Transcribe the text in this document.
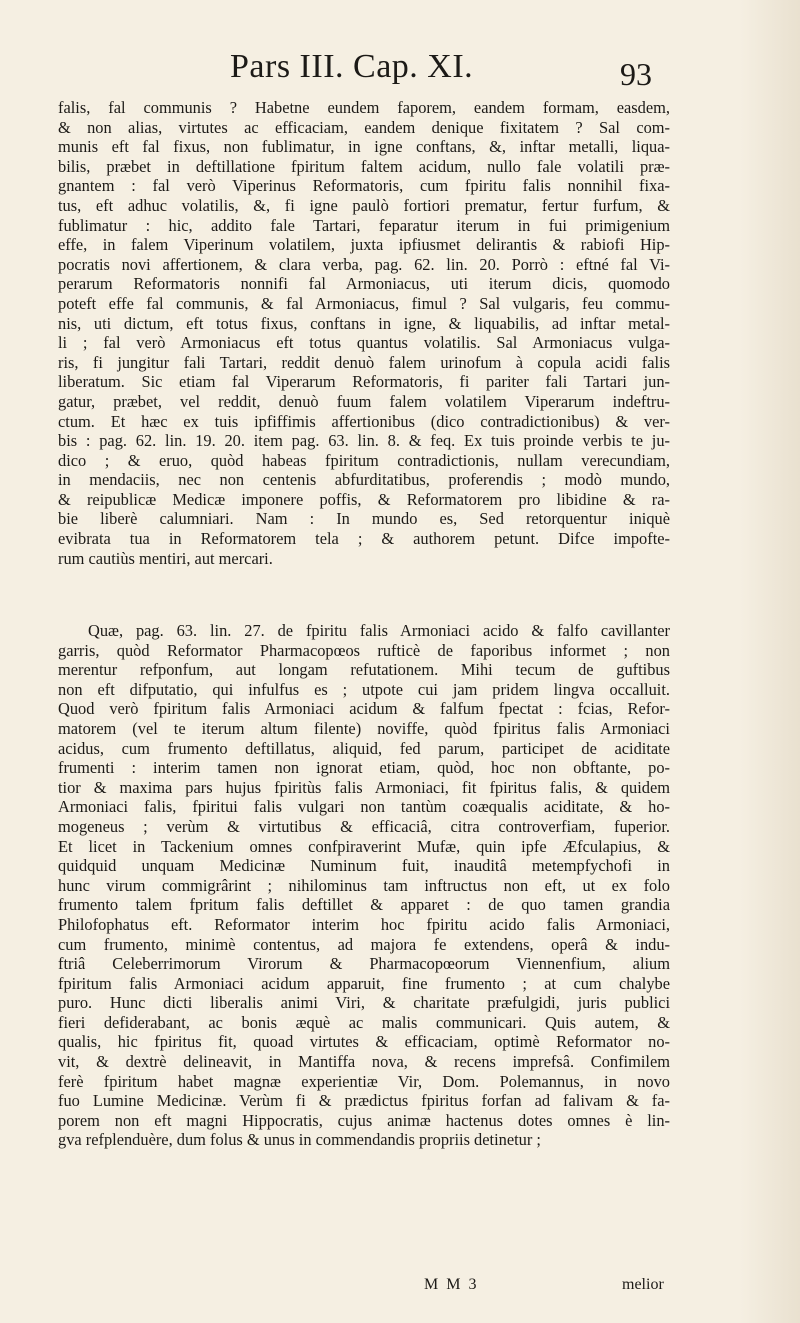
Pars III. Cap. XI.	93
falis, fal communis ? Habetne eundem faporem, eandem formam, easdem,
& non alias, virtutes ac efficaciam, eandem denique fixitatem ? Sal com-
munis eft fal fixus, non fublimatur, in igne conftans, &, inftar metalli, liqua-
bilis, præbet in deftillatione fpiritum faltem acidum, nullo fale volatili præ-
gnantem : fal verò Viperinus Reformatoris, cum fpiritu falis nonnihil fixa-
tus, eft adhuc volatilis, &, fi igne paulò fortiori prematur, fertur furfum, &
fublimatur : hic, addito fale Tartari, feparatur iterum in fui primigenium
effe, in falem Viperinum volatilem, juxta ipfiusmet delirantis & rabiofi Hip-
pocratis novi affertionem, & clara verba, pag. 62. lin. 20. Porrò : eftné fal Vi-
perarum Reformatoris nonnifi fal Armoniacus, uti iterum dicis, quomodo
poteft effe fal communis, & fal Armoniacus, fimul ? Sal vulgaris, feu commu-
nis, uti dictum, eft totus fixus, conftans in igne, & liquabilis, ad inftar metal-
li ; fal verò Armoniacus eft totus quantus volatilis. Sal Armoniacus vulga-
ris, fi jungitur fali Tartari, reddit denuò falem urinofum à copula acidi falis
liberatum. Sic etiam fal Viperarum Reformatoris, fi pariter fali Tartari jun-
gatur, præbet, vel reddit, denuò fuum falem volatilem Viperarum indeftru-
ctum. Et hæc ex tuis ipfiffimis affertionibus (dico contradictionibus) & ver-
bis : pag. 62. lin. 19. 20. item pag. 63. lin. 8. & feq. Ex tuis proinde verbis te ju-
dico ; & eruo, quòd habeas fpiritum contradictionis, nullam verecundiam,
in mendaciis, nec non centenis abfurditatibus, proferendis ; modò mundo,
& reipublicæ Medicæ imponere poffis, & Reformatorem pro libidine & ra-
bie liberè calumniari. Nam : In mundo es, Sed retorquentur iniquè
evibrata tua in Reformatorem tela ; & authorem petunt. Difce impofte-
rum cautiùs mentiri, aut mercari.
Quæ, pag. 63. lin. 27. de fpiritu falis Armoniaci acido & falfo cavillanter
garris, quòd Reformator Pharmacopœos rufticè de faporibus informet ; non
merentur refponfum, aut longam refutationem. Mihi tecum de guftibus
non eft difputatio, qui infulfus es ; utpote cui jam pridem lingva occalluit.
Quod verò fpiritum falis Armoniaci acidum & falfum fpectat : fcias, Refor-
matorem (vel te iterum altum filente) noviffe, quòd fpiritus falis Armoniaci
acidus, cum frumento deftillatus, aliquid, fed parum, participet de aciditate
frumenti : interim tamen non ignorat etiam, quòd, hoc non obftante, po-
tior & maxima pars hujus fpiritùs falis Armoniaci, fit fpiritus falis, & quidem
Armoniaci falis, fpiritui falis vulgari non tantùm coæqualis aciditate, & ho-
mogeneus ; verùm & virtutibus & efficaciâ, citra controverfiam, fuperior.
Et licet in Tackenium omnes confpiraverint Mufæ, quin ipfe Æfculapius, &
quidquid unquam Medicinæ Numinum fuit, inauditâ metempfychofi in
hunc virum commigrârint ; nihilominus tam inftructus non eft, ut ex folo
frumento talem fpritum falis deftillet & apparet : de quo tamen grandia
Philofophatus eft. Reformator interim hoc fpiritu acido falis Armoniaci,
cum frumento, minimè contentus, ad majora fe extendens, operâ & indu-
ftriâ Celeberrimorum Virorum & Pharmacopœorum Viennenfium, alium
fpiritum falis Armoniaci acidum apparuit, fine frumento ; at cum chalybe
puro. Hunc dicti liberalis animi Viri, & charitate præfulgidi, juris publici
fieri defiderabant, ac bonis æquè ac malis communicari. Quis autem, &
qualis, hic fpiritus fit, quoad virtutes & efficaciam, optimè Reformator no-
vit, & dextrè delineavit, in Mantiffa nova, & recens imprefsâ. Confimilem
ferè fpiritum habet magnæ experientiæ Vir, Dom. Polemannus, in novo
fuo Lumine Medicinæ. Verùm fi & prædictus fpiritus forfan ad falivam & fa-
porem non eft magni Hippocratis, cujus animæ hactenus dotes omnes è lin-
gva refplenduère, dum folus & unus in commendandis propriis detinetur ;
M M 3	melior
